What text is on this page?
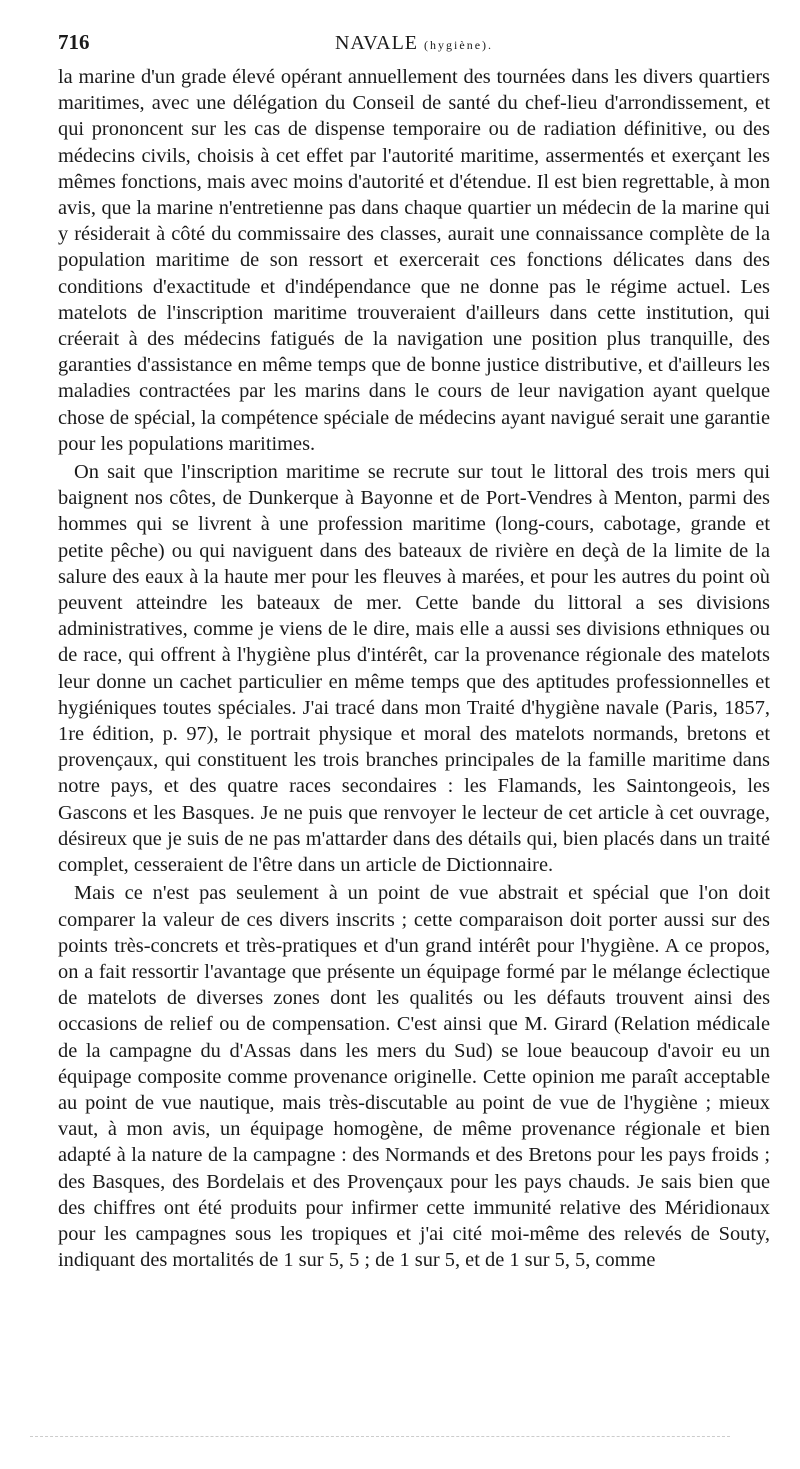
716	NAVALE (hygiène).

la marine d'un grade élevé opérant annuellement des tournées dans les divers quartiers maritimes, avec une délégation du Conseil de santé du chef-lieu d'arrondissement, et qui prononcent sur les cas de dispense temporaire ou de radiation définitive, ou des médecins civils, choisis à cet effet par l'autorité maritime, assermentés et exerçant les mêmes fonctions, mais avec moins d'autorité et d'étendue. Il est bien regrettable, à mon avis, que la marine n'entretienne pas dans chaque quartier un médecin de la marine qui y résiderait à côté du commissaire des classes, aurait une connaissance complète de la population maritime de son ressort et exercerait ces fonctions délicates dans des conditions d'exactitude et d'indépendance que ne donne pas le régime actuel. Les matelots de l'inscription maritime trouveraient d'ailleurs dans cette institution, qui créerait à des médecins fatigués de la navigation une position plus tranquille, des garanties d'assistance en même temps que de bonne justice distributive, et d'ailleurs les maladies contractées par les marins dans le cours de leur navigation ayant quelque chose de spécial, la compétence spéciale de médecins ayant navigué serait une garantie pour les populations maritimes.

On sait que l'inscription maritime se recrute sur tout le littoral des trois mers qui baignent nos côtes, de Dunkerque à Bayonne et de Port-Vendres à Menton, parmi des hommes qui se livrent à une profession maritime (long-cours, cabotage, grande et petite pêche) ou qui naviguent dans des bateaux de rivière en deçà de la limite de la salure des eaux à la haute mer pour les fleuves à marées, et pour les autres du point où peuvent atteindre les bateaux de mer. Cette bande du littoral a ses divisions administratives, comme je viens de le dire, mais elle a aussi ses divisions ethniques ou de race, qui offrent à l'hygiène plus d'intérêt, car la provenance régionale des matelots leur donne un cachet particulier en même temps que des aptitudes professionnelles et hygiéniques toutes spéciales. J'ai tracé dans mon Traité d'hygiène navale (Paris, 1857, 1re édition, p. 97), le portrait physique et moral des matelots normands, bretons et provençaux, qui constituent les trois branches principales de la famille maritime dans notre pays, et des quatre races secondaires : les Flamands, les Saintongeois, les Gascons et les Basques. Je ne puis que renvoyer le lecteur de cet article à cet ouvrage, désireux que je suis de ne pas m'attarder dans des détails qui, bien placés dans un traité complet, cesseraient de l'être dans un article de Dictionnaire.

Mais ce n'est pas seulement à un point de vue abstrait et spécial que l'on doit comparer la valeur de ces divers inscrits ; cette comparaison doit porter aussi sur des points très-concrets et très-pratiques et d'un grand intérêt pour l'hygiène. A ce propos, on a fait ressortir l'avantage que présente un équipage formé par le mélange éclectique de matelots de diverses zones dont les qualités ou les défauts trouvent ainsi des occasions de relief ou de compensation. C'est ainsi que M. Girard (Relation médicale de la campagne du d'Assas dans les mers du Sud) se loue beaucoup d'avoir eu un équipage composite comme provenance originelle. Cette opinion me paraît acceptable au point de vue nautique, mais très-discutable au point de vue de l'hygiène ; mieux vaut, à mon avis, un équipage homogène, de même provenance régionale et bien adapté à la nature de la campagne : des Normands et des Bretons pour les pays froids ; des Basques, des Bordelais et des Provençaux pour les pays chauds. Je sais bien que des chiffres ont été produits pour infirmer cette immunité relative des Méridionaux pour les campagnes sous les tropiques et j'ai cité moi-même des relevés de Souty, indiquant des mortalités de 1 sur 5, 5 ; de 1 sur 5, et de 1 sur 5, 5, comme
